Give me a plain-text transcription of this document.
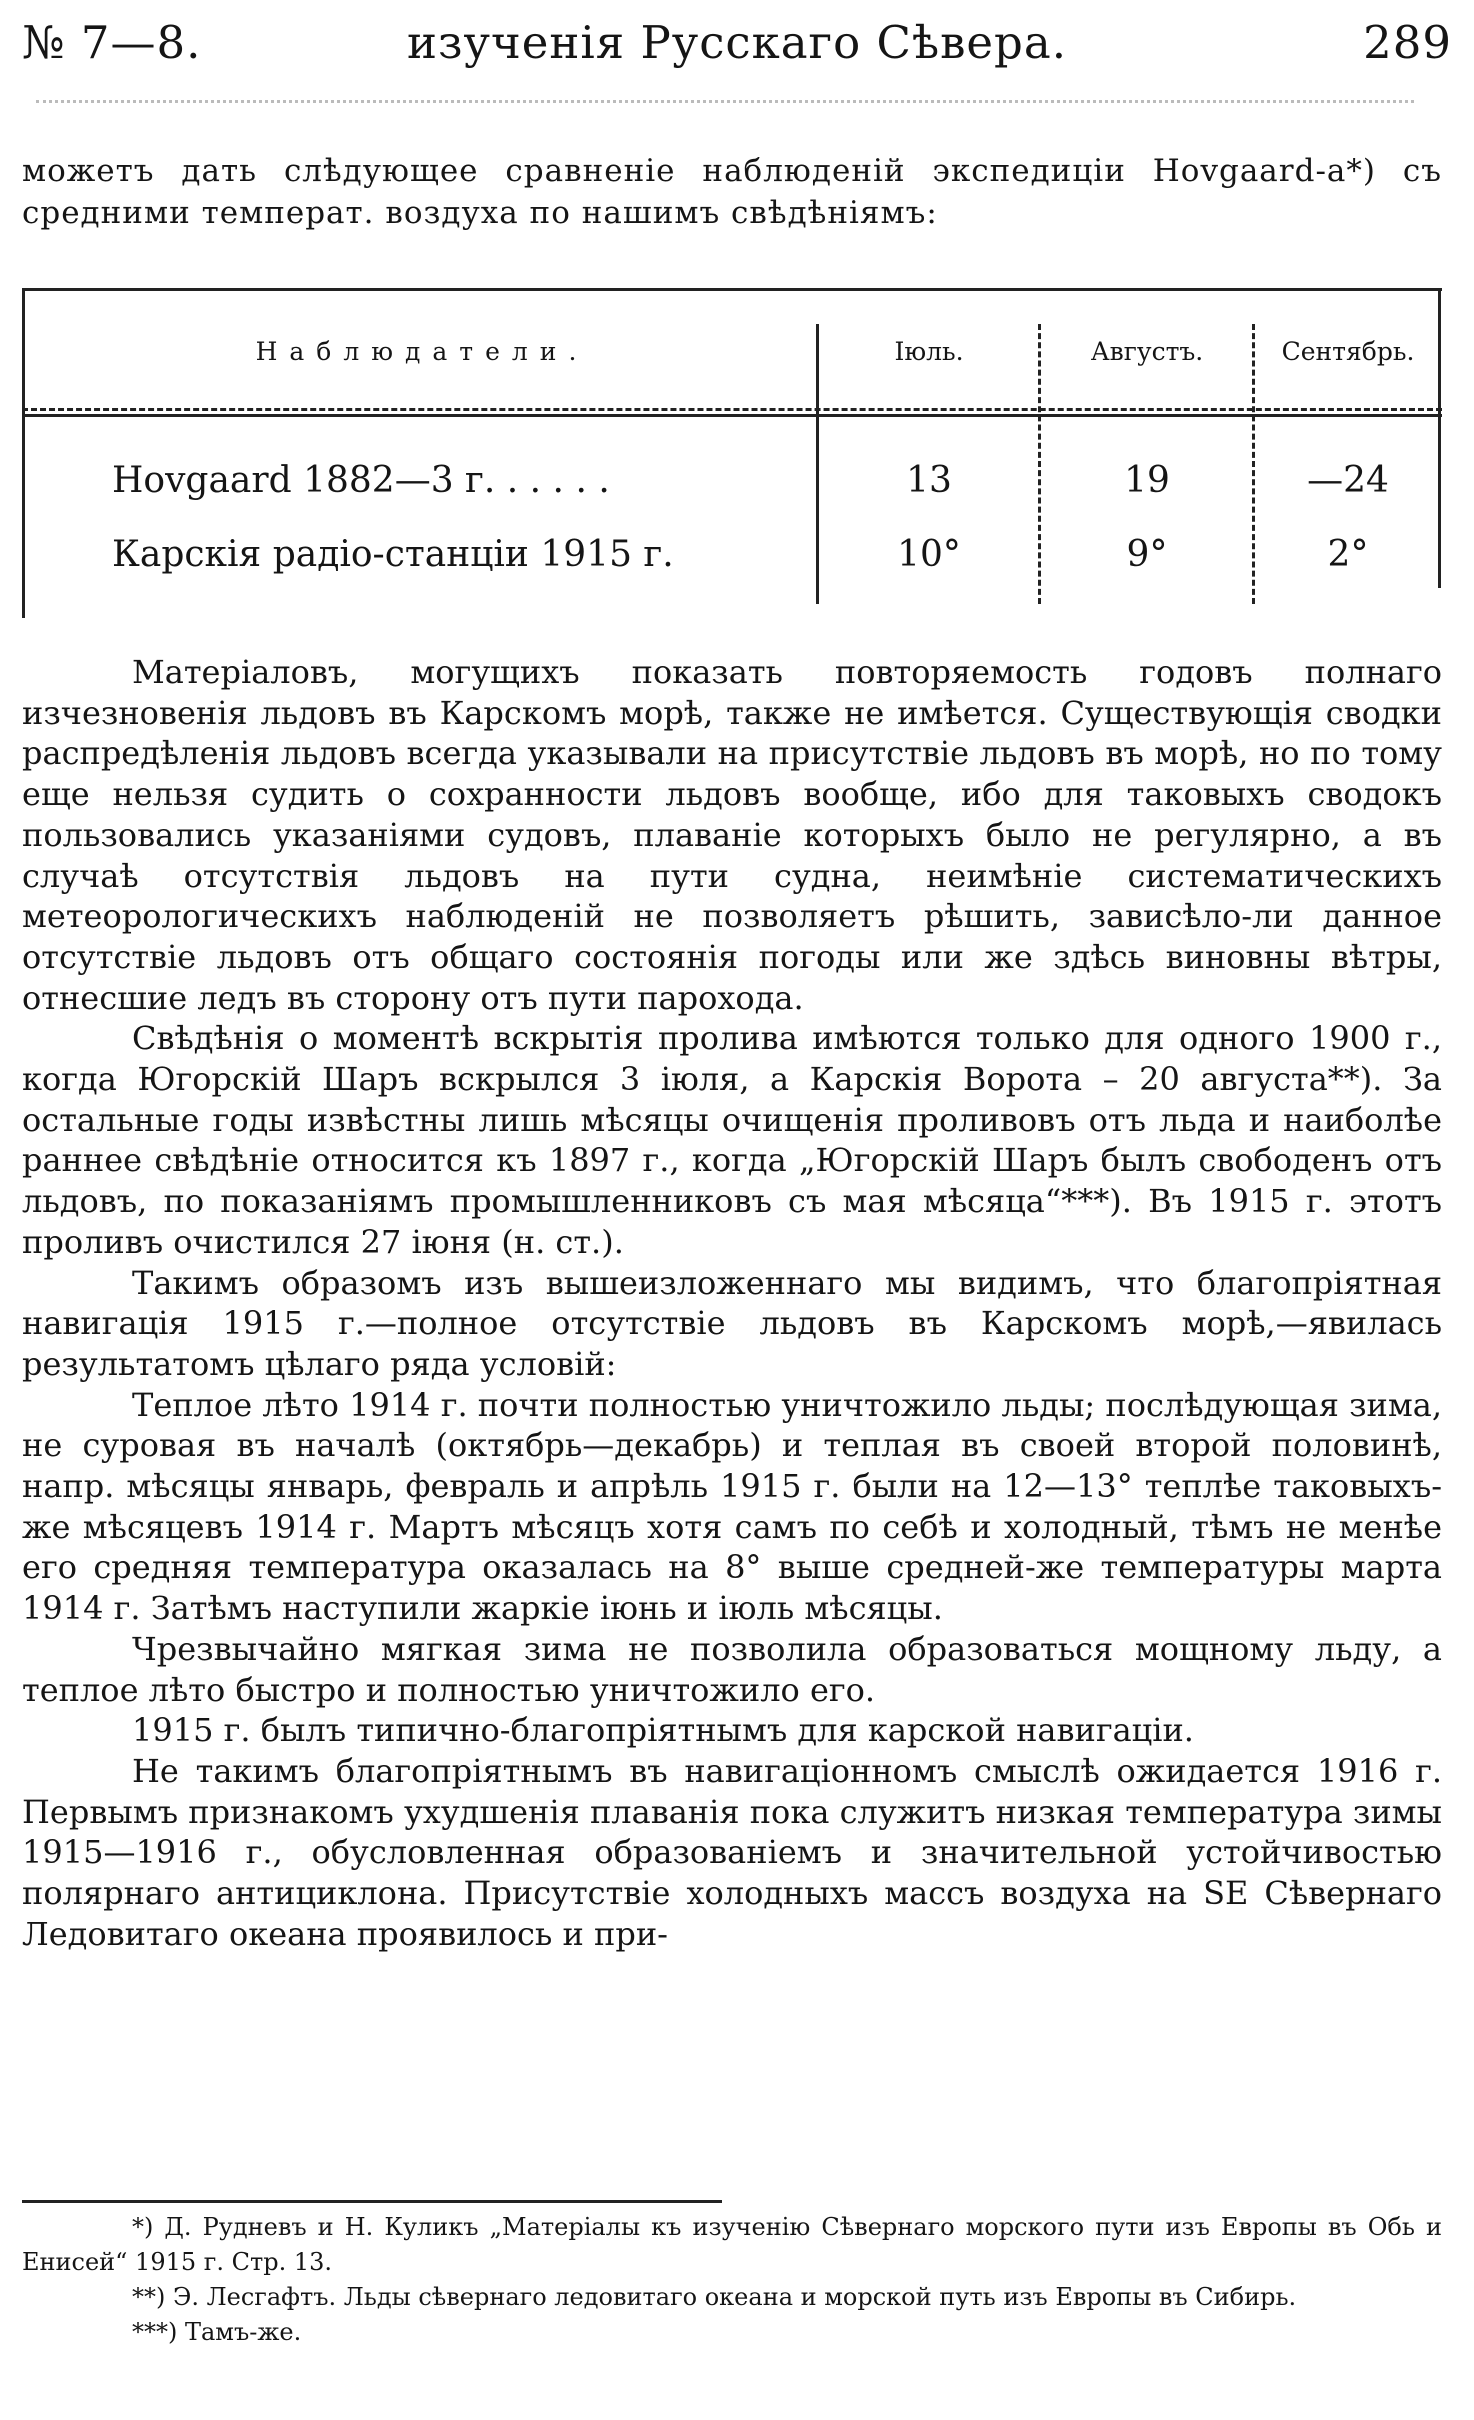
№ 7—8.	изученія Русскаго Сѣвера.	289

можетъ дать слѣдующее сравненіе наблюденій экспедиціи Hovgaard-а*) съ средними температ. воздуха по нашимъ свѣдѣніямъ:

Наблюдатели.	Іюль.	Августъ.	Сентябрь.
Hovgaard 1882—3 г. . . . . .	13	19	—24
Карскія радіо-станціи 1915 г.	10°	9°	2°

Матеріаловъ, могущихъ показать повторяемость годовъ полнаго изчезновенія льдовъ въ Карскомъ морѣ, также не имѣется. Существующія сводки распредѣленія льдовъ всегда указывали на присутствіе льдовъ въ морѣ, но по тому еще нельзя судить о сохранности льдовъ вообще, ибо для таковыхъ сводокъ пользовались указаніями судовъ, плаваніе которыхъ было не регулярно, а въ случаѣ отсутствія льдовъ на пути судна, неимѣніе систематическихъ метеорологическихъ наблюденій не позволяетъ рѣшить, зависѣло-ли данное отсутствіе льдовъ отъ общаго состоянія погоды или же здѣсь виновны вѣтры, отнесшие ледъ въ сторону отъ пути парохода.

Свѣдѣнія о моментѣ вскрытія пролива имѣются только для одного 1900 г., когда Югорскій Шаръ вскрылся 3 іюля, а Карскія Ворота – 20 августа**). За остальные годы извѣстны лишь мѣсяцы очищенія проливовъ отъ льда и наиболѣе раннее свѣдѣніе относится къ 1897 г., когда „Югорскій Шаръ былъ свободенъ отъ льдовъ, по показаніямъ промышленниковъ съ мая мѣсяца“***). Въ 1915 г. этотъ проливъ очистился 27 іюня (н. ст.).

Такимъ образомъ изъ вышеизложеннаго мы видимъ, что благопріятная навигація 1915 г.—полное отсутствіе льдовъ въ Карскомъ морѣ,—явилась результатомъ цѣлаго ряда условій:

Теплое лѣто 1914 г. почти полностью уничтожило льды; послѣдующая зима, не суровая въ началѣ (октябрь—декабрь) и теплая въ своей второй половинѣ, напр. мѣсяцы январь, февраль и апрѣль 1915 г. были на 12—13° теплѣе таковыхъ-же мѣсяцевъ 1914 г. Мартъ мѣсяцъ хотя самъ по себѣ и холодный, тѣмъ не менѣе его средняя температура оказалась на 8° выше средней-же температуры марта 1914 г. Затѣмъ наступили жаркіе іюнь и іюль мѣсяцы.

Чрезвычайно мягкая зима не позволила образоваться мощному льду, а теплое лѣто быстро и полностью уничтожило его.

1915 г. былъ типично-благопріятнымъ для карской навигаціи.

Не такимъ благопріятнымъ въ навигаціонномъ смыслѣ ожидается 1916 г. Первымъ признакомъ ухудшенія плаванія пока служитъ низкая температура зимы 1915—1916 г., обусловленная образованіемъ и значительной устойчивостью полярнаго антициклона. Присутствіе холодныхъ массъ воздуха на SE Сѣвернаго Ледовитаго океана проявилось и при-

*) Д. Рудневъ и Н. Куликъ „Матеріалы къ изученію Сѣвернаго морского пути изъ Европы въ Обь и Енисей“ 1915 г. Стр. 13.

**) Э. Лесгафтъ. Льды сѣвернаго ледовитаго океана и морской путь изъ Европы въ Сибирь.

***) Тамъ-же.
